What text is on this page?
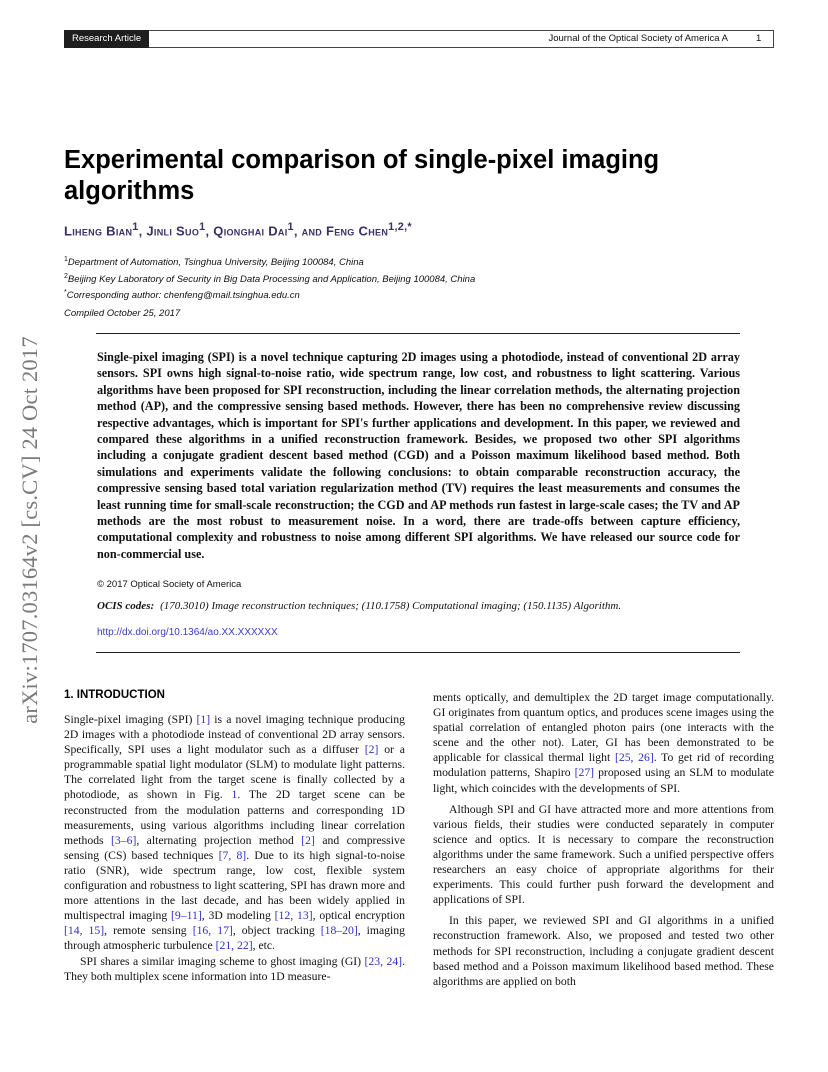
Research Article	Journal of the Optical Society of America A	1
arXiv:1707.03164v2 [cs.CV] 24 Oct 2017
Experimental comparison of single-pixel imaging algorithms
Liheng Bian$^1$, Jinli Suo$^1$, Qionghai Dai$^1$, and Feng Chen$^{1,2,*}$
$^1$Department of Automation, Tsinghua University, Beijing 100084, China
$^2$Beijing Key Laboratory of Security in Big Data Processing and Application, Beijing 100084, China
*Corresponding author: chenfeng@mail.tsinghua.edu.cn
Compiled October 25, 2017
Single-pixel imaging (SPI) is a novel technique capturing 2D images using a photodiode, instead of conventional 2D array sensors. SPI owns high signal-to-noise ratio, wide spectrum range, low cost, and robustness to light scattering. Various algorithms have been proposed for SPI reconstruction, including the linear correlation methods, the alternating projection method (AP), and the compressive sensing based methods. However, there has been no comprehensive review discussing respective advantages, which is important for SPI's further applications and development. In this paper, we reviewed and compared these algorithms in a unified reconstruction framework. Besides, we proposed two other SPI algorithms including a conjugate gradient descent based method (CGD) and a Poisson maximum likelihood based method. Both simulations and experiments validate the following conclusions: to obtain comparable reconstruction accuracy, the compressive sensing based total variation regularization method (TV) requires the least measurements and consumes the least running time for small-scale reconstruction; the CGD and AP methods run fastest in large-scale cases; the TV and AP methods are the most robust to measurement noise. In a word, there are trade-offs between capture efficiency, computational complexity and robustness to noise among different SPI algorithms. We have released our source code for non-commercial use.
© 2017 Optical Society of America
OCIS codes: (170.3010) Image reconstruction techniques; (110.1758) Computational imaging; (150.1135) Algorithm.
http://dx.doi.org/10.1364/ao.XX.XXXXXX
1. INTRODUCTION

Single-pixel imaging (SPI) [1] is a novel imaging technique producing 2D images with a photodiode instead of conventional 2D array sensors. Specifically, SPI uses a light modulator such as a diffuser [2] or a programmable spatial light modulator (SLM) to modulate light patterns. The correlated light from the target scene is finally collected by a photodiode, as shown in Fig. 1. The 2D target scene can be reconstructed from the modulation patterns and corresponding 1D measurements, using various algorithms including linear correlation methods [3–6], alternating projection method [2] and compressive sensing (CS) based techniques [7, 8]. Due to its high signal-to-noise ratio (SNR), wide spectrum range, low cost, flexible system configuration and robustness to light scattering, SPI has drawn more and more attentions in the last decade, and has been widely applied in multispectral imaging [9–11], 3D modeling [12, 13], optical encryption [14, 15], remote sensing [16, 17], object tracking [18–20], imaging through atmospheric turbulence [21, 22], etc.

SPI shares a similar imaging scheme to ghost imaging (GI) [23, 24]. They both multiplex scene information into 1D measure-

ments optically, and demultiplex the 2D target image computationally. GI originates from quantum optics, and produces scene images using the spatial correlation of entangled photon pairs (one interacts with the scene and the other not). Later, GI has been demonstrated to be applicable for classical thermal light [25, 26]. To get rid of recording modulation patterns, Shapiro [27] proposed using an SLM to modulate light, which coincides with the developments of SPI.

Although SPI and GI have attracted more and more attentions from various fields, their studies were conducted separately in computer science and optics. It is necessary to compare the reconstruction algorithms under the same framework. Such a unified perspective offers researchers an easy choice of appropriate algorithms for their experiments. This could further push forward the development and applications of SPI.

In this paper, we reviewed SPI and GI algorithms in a unified reconstruction framework. Also, we proposed and tested two other methods for SPI reconstruction, including a conjugate gradient descent based method and a Poisson maximum likelihood based method. These algorithms are applied on both
